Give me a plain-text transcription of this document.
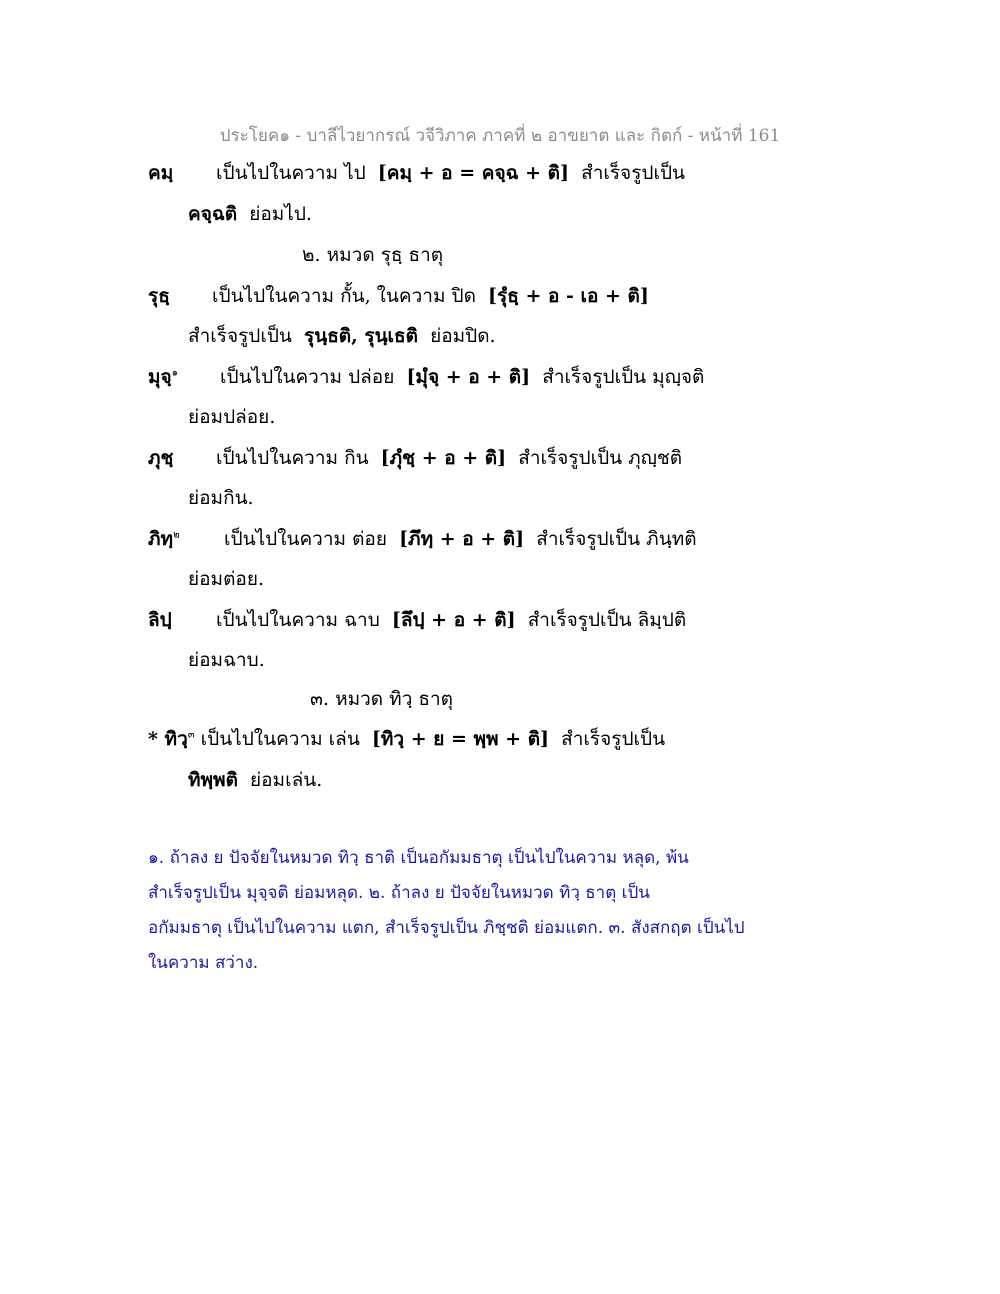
ประโยค๑ - บาลีไวยากรณ์ วจีวิภาค ภาคที่ ๒ อาขยาต และ กิตก์ - หน้าที่ 161
คมฺ เป็นไปในความ ไป [คมฺ + อ = คจฺฉ + ติ] สำเร็จรูปเป็น
คจฺฉติ ย่อมไป.
๒. หมวด รุธฺ ธาตุ
รุธฺ เป็นไปในความ กั้น, ในความ ปิด [รุํธฺ + อ - เอ + ติ]
สำเร็จรูปเป็น รุนฺธติ, รุนฺเธติ ย่อมปิด.
มุจฺ$^๑$ เป็นไปในความ ปล่อย [มุํจฺ + อ + ติ] สำเร็จรูปเป็น มุญฺจติ
ย่อมปล่อย.
ภุชฺ เป็นไปในความ กิน [ภุํชฺ + อ + ติ] สำเร็จรูปเป็น ภุญฺชติ
ย่อมกิน.
ภิทฺ$^๒$ เป็นไปในความ ต่อย [ภึทฺ + อ + ติ] สำเร็จรูปเป็น ภินฺทติ
ย่อมต่อย.
ลิปฺ เป็นไปในความ ฉาบ [ลึปฺ + อ + ติ] สำเร็จรูปเป็น ลิมฺปติ
ย่อมฉาบ.
๓. หมวด ทิวฺ ธาตุ
* ทิวฺ$^๓$ เป็นไปในความ เล่น [ทิวฺ + ย = พฺพ + ติ] สำเร็จรูปเป็น
ทิพฺพติ ย่อมเล่น.
๑. ถ้าลง ย ปัจจัยในหมวด ทิวฺ ธาติ เป็นอกัมมธาตุ เป็นไปในความ หลุด, พ้น
สำเร็จรูปเป็น มุจฺจติ ย่อมหลุด. ๒. ถ้าลง ย ปัจจัยในหมวด ทิวฺ ธาตุ เป็น
อกัมมธาตุ เป็นไปในความ แตก, สำเร็จรูปเป็น ภิชฺชติ ย่อมแตก. ๓. สังสกฤต เป็นไป
ในความ สว่าง.
